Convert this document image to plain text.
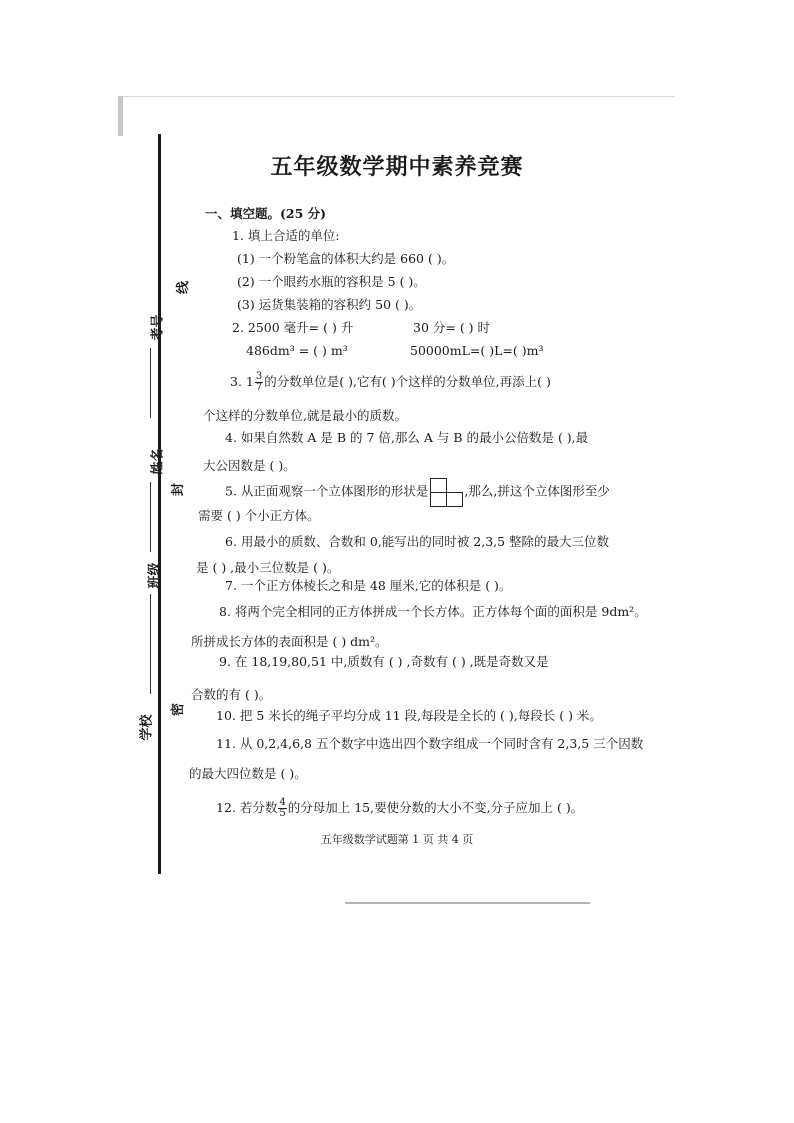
考号
线
姓名
封
班级
学校
密
五年级数学期中素养竞赛
一、填空题。(25 分)
1. 填上合适的单位:
(1) 一个粉笔盒的体积大约是 660 ( )。
(2) 一个眼药水瓶的容积是 5 ( )。
(3) 运货集装箱的容积约 50 ( )。
2. 2500 毫升= ( ) 升	30 分= ( ) 时
486dm³ = ( ) m³	50000mL=( )L=( )m³
3. $1 \frac{3}{7}$ 的分数单位是( ),它有( )个这样的分数单位,再添上( )
个这样的分数单位,就是最小的质数。
4. 如果自然数 A 是 B 的 7 倍,那么 A 与 B 的最小公倍数是 ( ),最
大公因数是 ( )。
5. 从正面观察一个立体图形的形状是	,那么,拼这个立体图形至少
需要 ( ) 个小正方体。
6. 用最小的质数、合数和 0,能写出的同时被 2,3,5 整除的最大三位数
是 ( ) ,最小三位数是 ( )。
7. 一个正方体棱长之和是 48 厘米,它的体积是 ( )。
8. 将两个完全相同的正方体拼成一个长方体。正方体每个面的面积是 9dm²。
所拼成长方体的表面积是 ( ) dm²。
9. 在 18,19,80,51 中,质数有 ( ) ,奇数有 ( ) ,既是奇数又是
合数的有 ( )。
10. 把 5 米长的绳子平均分成 11 段,每段是全长的 ( ),每段长 ( ) 米。
11. 从 0,2,4,6,8 五个数字中选出四个数字组成一个同时含有 2,3,5 三个因数
的最大四位数是 ( )。
12. 若分数 $\frac{4}{5}$ 的分母加上 15,要使分数的大小不变,分子应加上 ( )。
五年级数学试题第 1 页 共 4 页
